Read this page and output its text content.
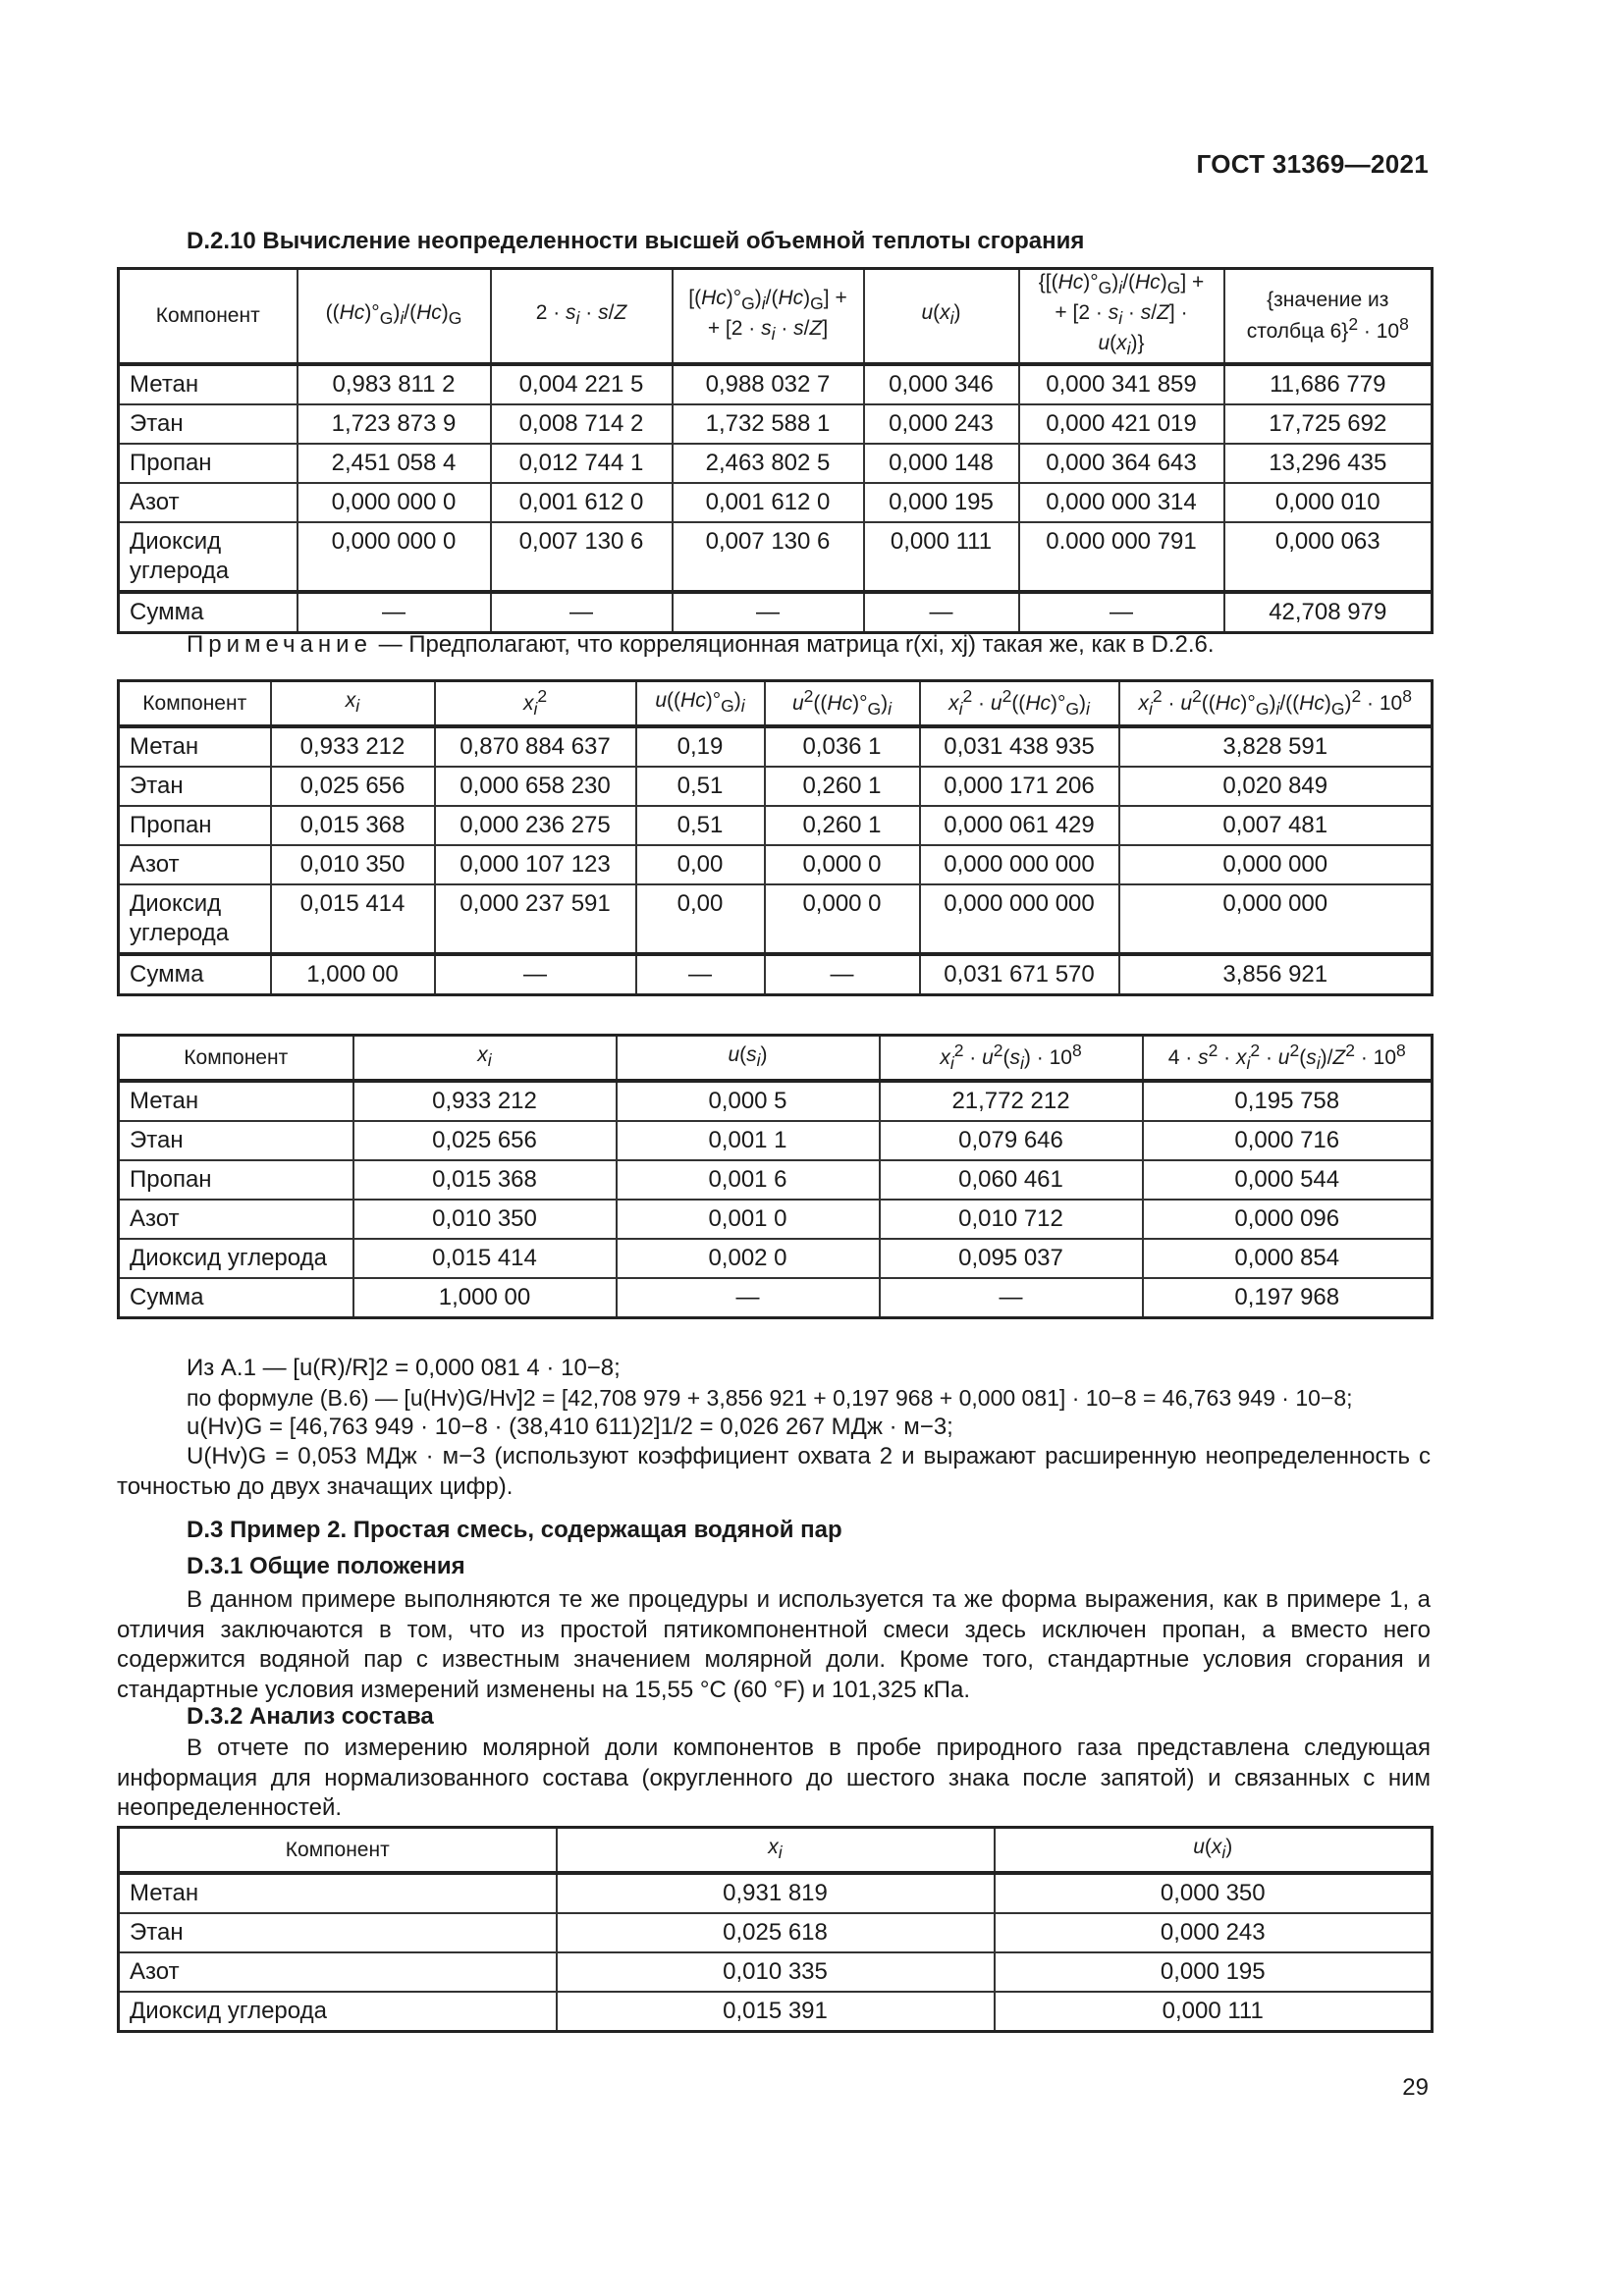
ГОСТ 31369—2021
D.2.10 Вычисление неопределенности высшей объемной теплоты сгорания
Компонент	$((Hc)^\circ_G)_i/(Hc)_G$	$2 \cdot s_i \cdot s/Z$	$[(Hc)^\circ_G)_i/(Hc)_G$] +
+ $[2 \cdot s_i \cdot s/Z]$	$u(x_i)$	$\{[(Hc)^\circ_G)_i/(Hc)_G]$ +
+ $[2 \cdot s_i \cdot s/Z] \cdot u(x_i)$}	{значение из
столбца $6\}^2 \cdot 10^8$
Метан	0,983 811 2	0,004 221 5	0,988 032 7	0,000 346	0,000 341 859	11,686 779
Этан	1,723 873 9	0,008 714 2	1,732 588 1	0,000 243	0,000 421 019	17,725 692
Пропан	2,451 058 4	0,012 744 1	2,463 802 5	0,000 148	0,000 364 643	13,296 435
Азот	0,000 000 0	0,001 612 0	0,001 612 0	0,000 195	0,000 000 314	0,000 010
Диоксид углерода	0,000 000 0	0,007 130 6	0,007 130 6	0,000 111	0.000 000 791	0,000 063
Сумма	—	—	—	—	—	42,708 979
Примечание — Предполагают, что корреляционная матрица r(xi, xj) такая же, как в D.2.6.
Компонент	$x_i$	$x_i^2$	$u((Hc)^\circ_G)_i$	$u^2((Hc)^\circ_G)_i$	$x_i^2 \cdot u^2((Hc)^\circ_G)_i$	$x_i^2 \cdot u^2((Hc)^\circ_G)_i/((Hc)_G)^2 \cdot 10^8$
Метан	0,933 212	0,870 884 637	0,19	0,036 1	0,031 438 935	3,828 591
Этан	0,025 656	0,000 658 230	0,51	0,260 1	0,000 171 206	0,020 849
Пропан	0,015 368	0,000 236 275	0,51	0,260 1	0,000 061 429	0,007 481
Азот	0,010 350	0,000 107 123	0,00	0,000 0	0,000 000 000	0,000 000
Диоксид углерода	0,015 414	0,000 237 591	0,00	0,000 0	0,000 000 000	0,000 000
Сумма	1,000 00	—	—	—	0,031 671 570	3,856 921
Компонент	$x_i$	$u(s_i)$	$x_i^2 \cdot u^2(s_i) \cdot 10^8$	$4 \cdot s^2 \cdot x_i^2 \cdot u^2(s_i)/Z^2 \cdot 10^8$
Метан	0,933 212	0,000 5	21,772 212	0,195 758
Этан	0,025 656	0,001 1	0,079 646	0,000 716
Пропан	0,015 368	0,001 6	0,060 461	0,000 544
Азот	0,010 350	0,001 0	0,010 712	0,000 096
Диоксид углерода	0,015 414	0,002 0	0,095 037	0,000 854
Сумма	1,000 00	—	—	0,197 968
Из A.1 — [u(R)/R]2 = 0,000 081 4 · 10−8;
по формуле (B.6) — [u(Hv)G/Hv]2 = [42,708 979 + 3,856 921 + 0,197 968 + 0,000 081] · 10−8 = 46,763 949 · 10−8;
u(Hv)G = [46,763 949 · 10−8 · (38,410 611)2]1/2 = 0,026 267 МДж · м−3;
U(Hv)G = 0,053 МДж · м−3 (используют коэффициент охвата 2 и выражают расширенную неопределенность с точностью до двух значащих цифр).
D.3 Пример 2. Простая смесь, содержащая водяной пар
D.3.1 Общие положения
В данном примере выполняются те же процедуры и используется та же форма выражения, как в примере 1, а отличия заключаются в том, что из простой пятикомпонентной смеси здесь исключен пропан, а вместо него содержится водяной пар с известным значением молярной доли. Кроме того, стандартные условия сгорания и стандартные условия измерений изменены на 15,55 °С (60 °F) и 101,325 кПа.
D.3.2 Анализ состава
В отчете по измерению молярной доли компонентов в пробе природного газа представлена следующая информация для нормализованного состава (округленного до шестого знака после запятой) и связанных с ним неопределенностей.
Компонент	$x_i$	$u(x_i)$
Метан	0,931 819	0,000 350
Этан	0,025 618	0,000 243
Азот	0,010 335	0,000 195
Диоксид углерода	0,015 391	0,000 111
29
